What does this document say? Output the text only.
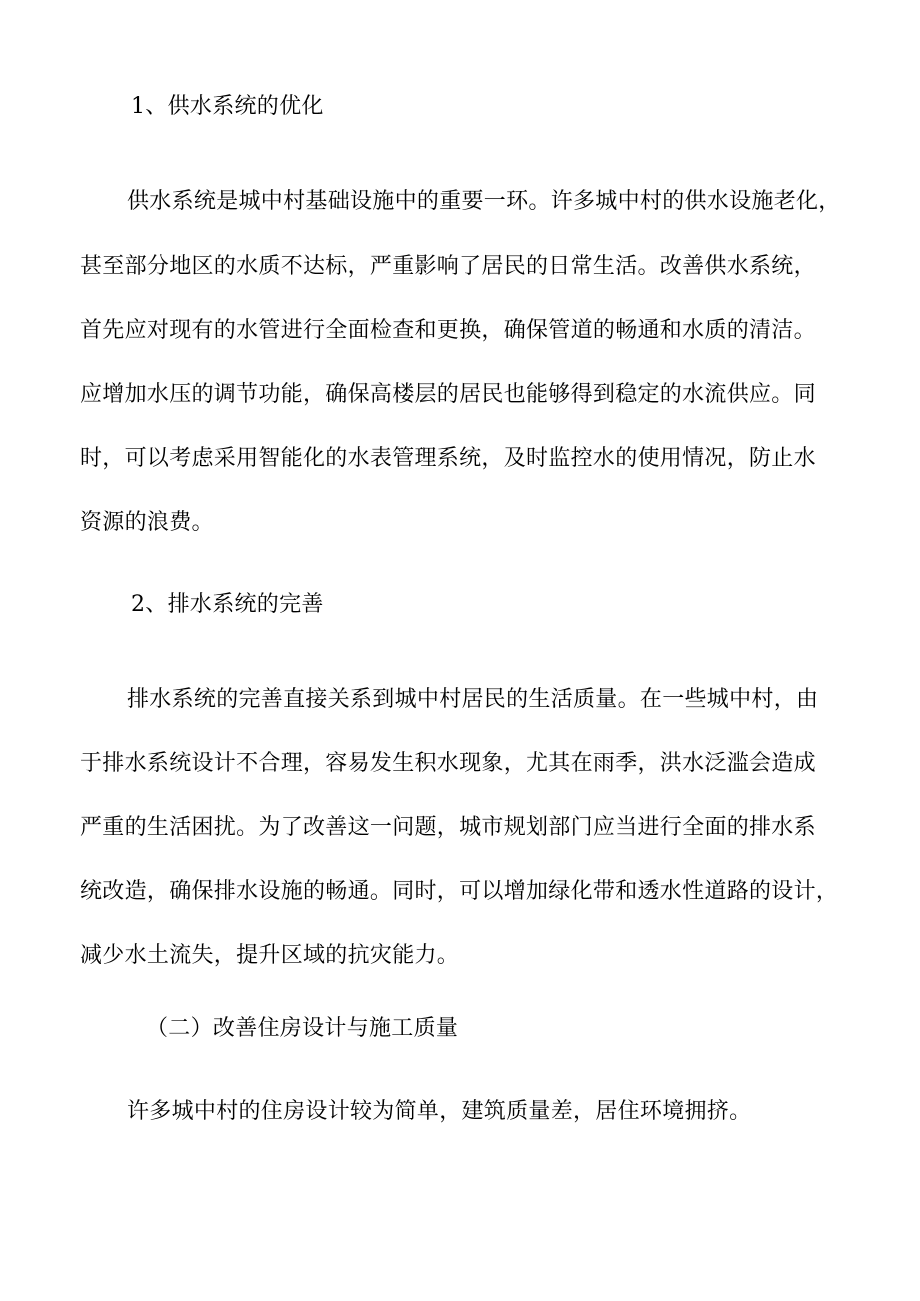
1、供水系统的优化
供水系统是城中村基础设施中的重要一环。许多城中村的供水设施老化，
甚至部分地区的水质不达标，严重影响了居民的日常生活。改善供水系统，
首先应对现有的水管进行全面检查和更换，确保管道的畅通和水质的清洁。
应增加水压的调节功能，确保高楼层的居民也能够得到稳定的水流供应。同
时，可以考虑采用智能化的水表管理系统，及时监控水的使用情况，防止水
资源的浪费。
2、排水系统的完善
排水系统的完善直接关系到城中村居民的生活质量。在一些城中村，由
于排水系统设计不合理，容易发生积水现象，尤其在雨季，洪水泛滥会造成
严重的生活困扰。为了改善这一问题，城市规划部门应当进行全面的排水系
统改造，确保排水设施的畅通。同时，可以增加绿化带和透水性道路的设计，
减少水土流失，提升区域的抗灾能力。
（二）改善住房设计与施工质量
许多城中村的住房设计较为简单，建筑质量差，居住环境拥挤。
